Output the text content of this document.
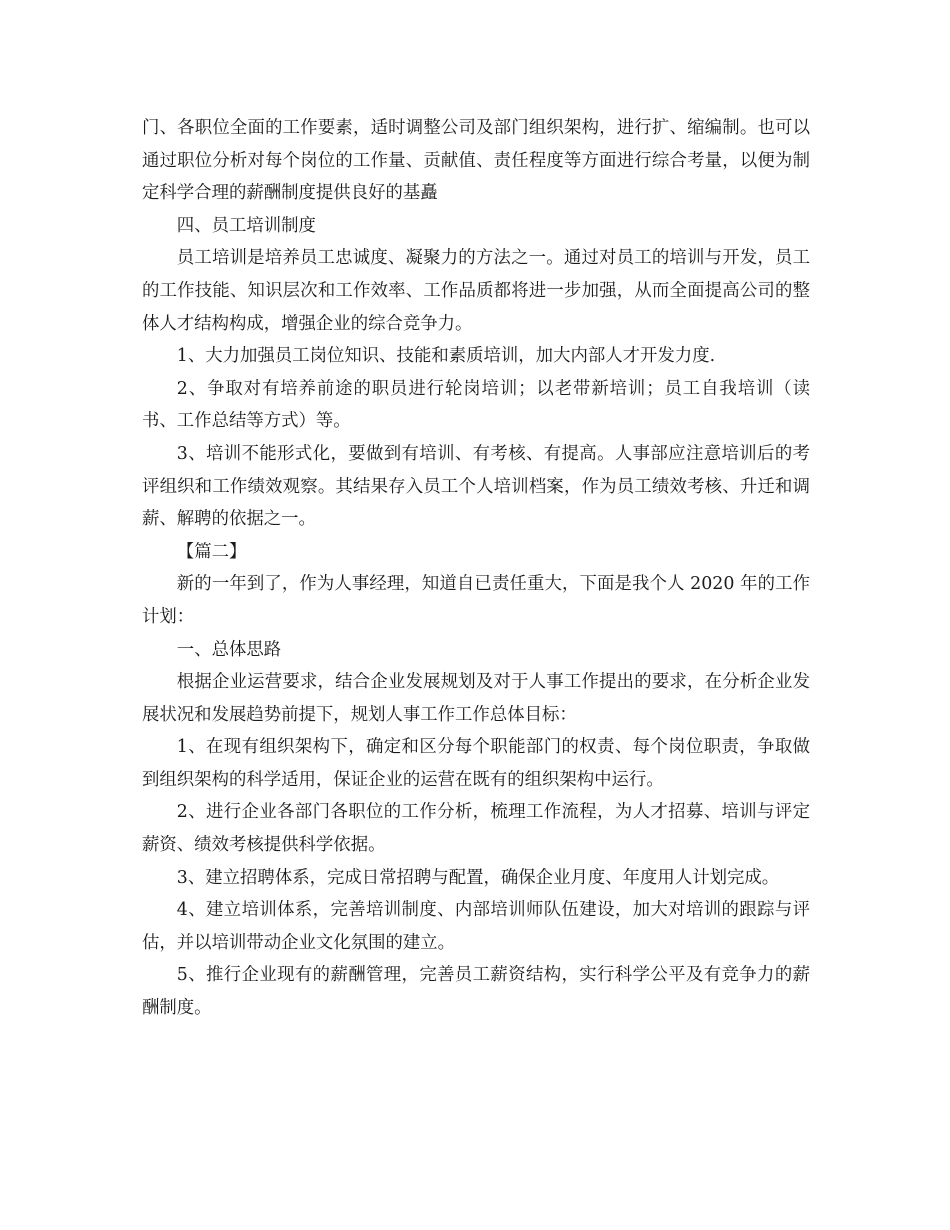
门、各职位全面的工作要素，适时调整公司及部门组织架构，进行扩、缩编制。也可以通过职位分析对每个岗位的工作量、贡献值、责任程度等方面进行综合考量，以便为制定科学合理的薪酬制度提供良好的基矗

四、员工培训制度

员工培训是培养员工忠诚度、凝聚力的方法之一。通过对员工的培训与开发，员工的工作技能、知识层次和工作效率、工作品质都将进一步加强，从而全面提高公司的整体人才结构构成，增强企业的综合竞争力。

1、大力加强员工岗位知识、技能和素质培训，加大内部人才开发力度.

2、争取对有培养前途的职员进行轮岗培训；以老带新培训；员工自我培训（读书、工作总结等方式）等。

3、培训不能形式化，要做到有培训、有考核、有提高。人事部应注意培训后的考评组织和工作绩效观察。其结果存入员工个人培训档案，作为员工绩效考核、升迁和调薪、解聘的依据之一。

【篇二】

新的一年到了，作为人事经理，知道自已责任重大，下面是我个人 2020 年的工作计划：

一、总体思路

根据企业运营要求，结合企业发展规划及对于人事工作提出的要求，在分析企业发展状况和发展趋势前提下，规划人事工作工作总体目标：

1、在现有组织架构下，确定和区分每个职能部门的权责、每个岗位职责，争取做到组织架构的科学适用，保证企业的运营在既有的组织架构中运行。

2、进行企业各部门各职位的工作分析，梳理工作流程，为人才招募、培训与评定薪资、绩效考核提供科学依据。

3、建立招聘体系，完成日常招聘与配置，确保企业月度、年度用人计划完成。

4、建立培训体系，完善培训制度、内部培训师队伍建设，加大对培训的跟踪与评估，并以培训带动企业文化氛围的建立。

5、推行企业现有的薪酬管理，完善员工薪资结构，实行科学公平及有竞争力的薪酬制度。
